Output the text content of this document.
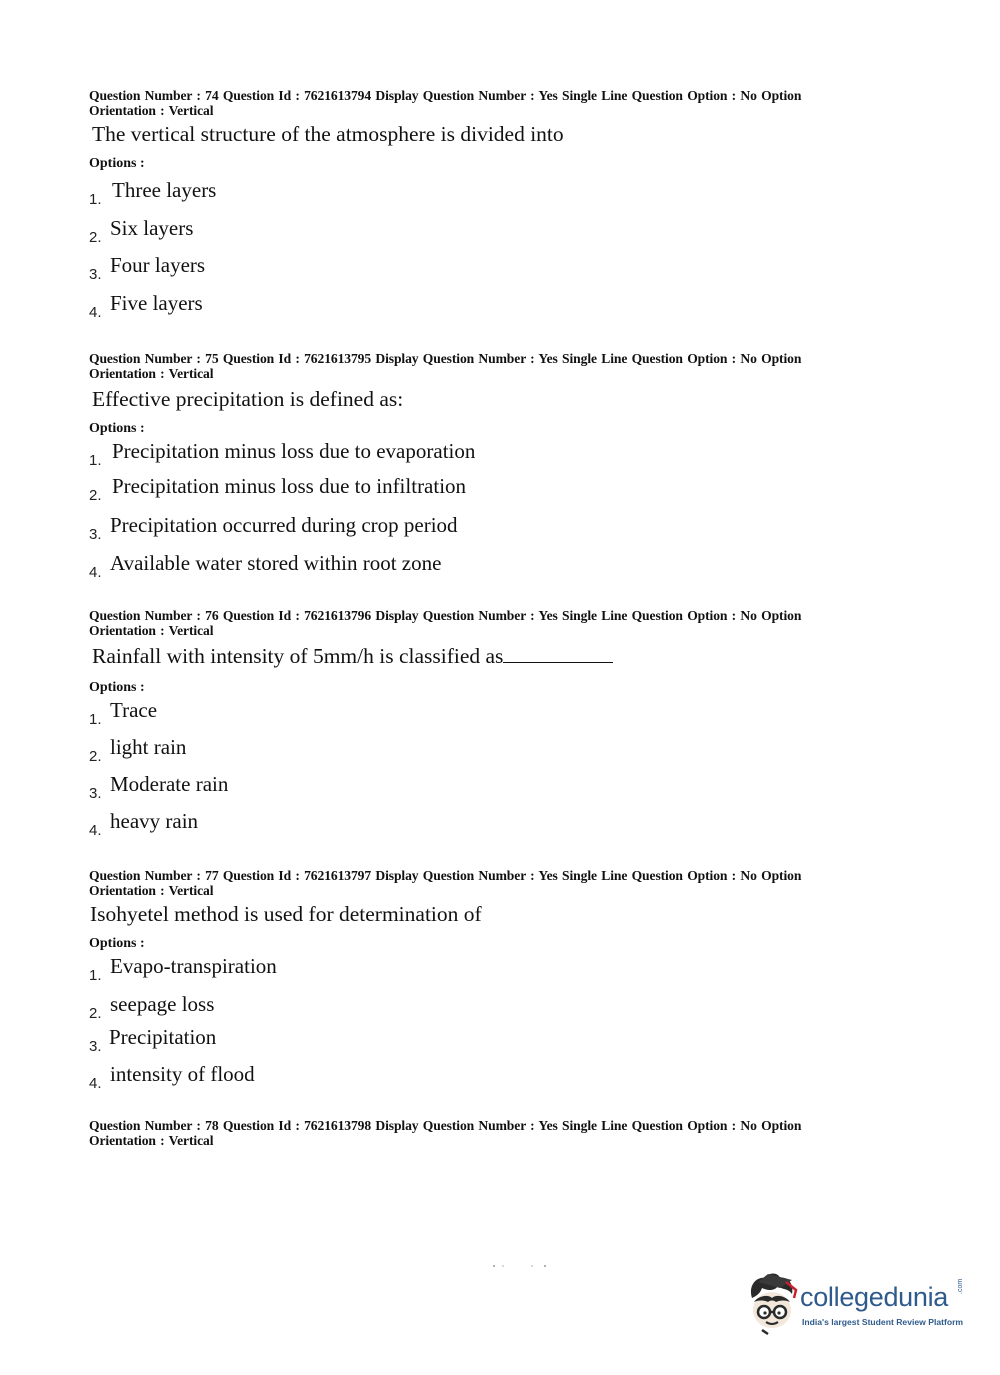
Question Number : 74 Question Id : 7621613794 Display Question Number : Yes Single Line Question Option : No Option
Orientation : Vertical
The vertical structure of the atmosphere is divided into
Options :
1. Three layers
2. Six layers
3. Four layers
4. Five layers
Question Number : 75 Question Id : 7621613795 Display Question Number : Yes Single Line Question Option : No Option
Orientation : Vertical
Effective precipitation is defined as:
Options :
1. Precipitation minus loss due to evaporation
2. Precipitation minus loss due to infiltration
3. Precipitation occurred during crop period
4. Available water stored within root zone
Question Number : 76 Question Id : 7621613796 Display Question Number : Yes Single Line Question Option : No Option
Orientation : Vertical
Rainfall with intensity of 5mm/h is classified as
Options :
1. Trace
2. light rain
3. Moderate rain
4. heavy rain
Question Number : 77 Question Id : 7621613797 Display Question Number : Yes Single Line Question Option : No Option
Orientation : Vertical
Isohyetel method is used for determination of
Options :
1. Evapo-transpiration
2. seepage loss
3. Precipitation
4. intensity of flood
Question Number : 78 Question Id : 7621613798 Display Question Number : Yes Single Line Question Option : No Option
Orientation : Vertical
collegedunia .com
India's largest Student Review Platform
